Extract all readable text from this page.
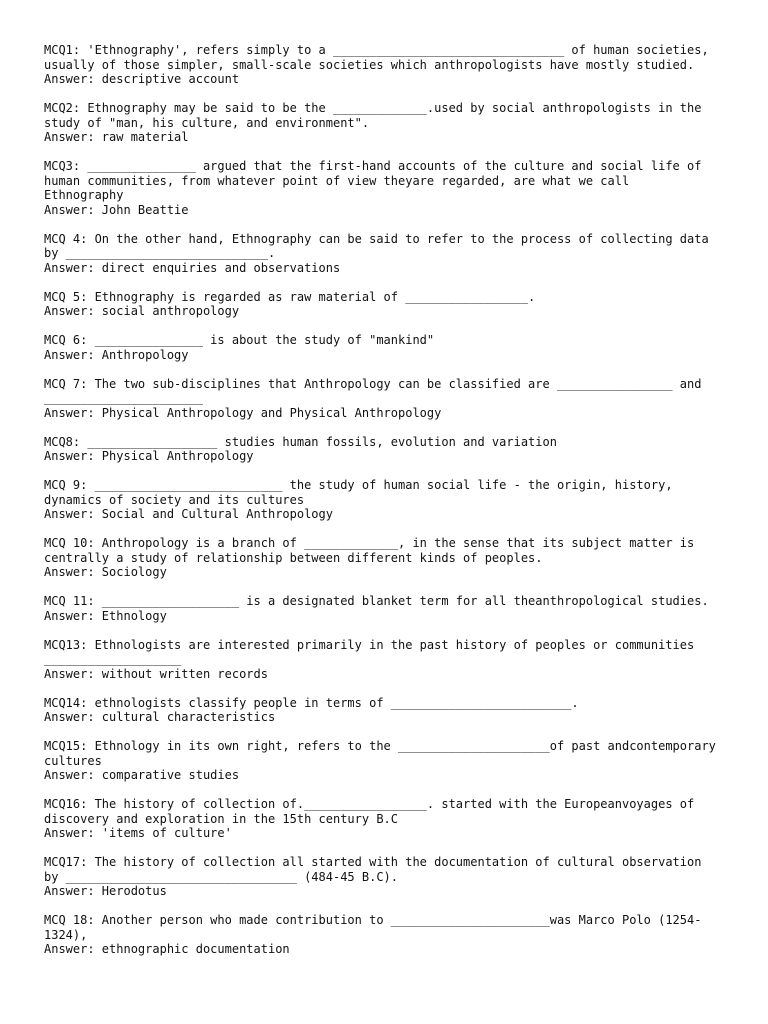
MCQ1: 'Ethnography', refers simply to a ________________________________ of human societies,
usually of those simpler, small-scale societies which anthropologists have mostly studied.
Answer: descriptive account
MCQ2: Ethnography may be said to be the _____________.used by social anthropologists in the
study of "man, his culture, and environment".
Answer: raw material
MCQ3: _______________ argued that the first-hand accounts of the culture and social life of
human communities, from whatever point of view theyare regarded, are what we call
Ethnography
Answer: John Beattie
MCQ 4: On the other hand, Ethnography can be said to refer to the process of collecting data
by ____________________________.
Answer: direct enquiries and observations
MCQ 5: Ethnography is regarded as raw material of _________________.
Answer: social anthropology
MCQ 6: _______________ is about the study of "mankind"
Answer: Anthropology
MCQ 7: The two sub-disciplines that Anthropology can be classified are ________________ and
______________________
Answer: Physical Anthropology and Physical Anthropology
MCQ8: __________________ studies human fossils, evolution and variation
Answer: Physical Anthropology
MCQ 9: __________________________ the study of human social life - the origin, history,
dynamics of society and its cultures
Answer: Social and Cultural Anthropology
MCQ 10: Anthropology is a branch of _____________, in the sense that its subject matter is
centrally a study of relationship between different kinds of peoples.
Answer: Sociology
MCQ 11: ___________________ is a designated blanket term for all theanthropological studies.
Answer: Ethnology
MCQ13: Ethnologists are interested primarily in the past history of peoples or communities
___________________
Answer: without written records
MCQ14: ethnologists classify people in terms of _________________________.
Answer: cultural characteristics
MCQ15: Ethnology in its own right, refers to the _____________________of past andcontemporary
cultures
Answer: comparative studies
MCQ16: The history of collection of._________________. started with the Europeanvoyages of
discovery and exploration in the 15th century B.C
Answer: 'items of culture'
MCQ17: The history of collection all started with the documentation of cultural observation
by ________________________________ (484-45 B.C).
Answer: Herodotus
MCQ 18: Another person who made contribution to ______________________was Marco Polo (1254-
1324),
Answer: ethnographic documentation
